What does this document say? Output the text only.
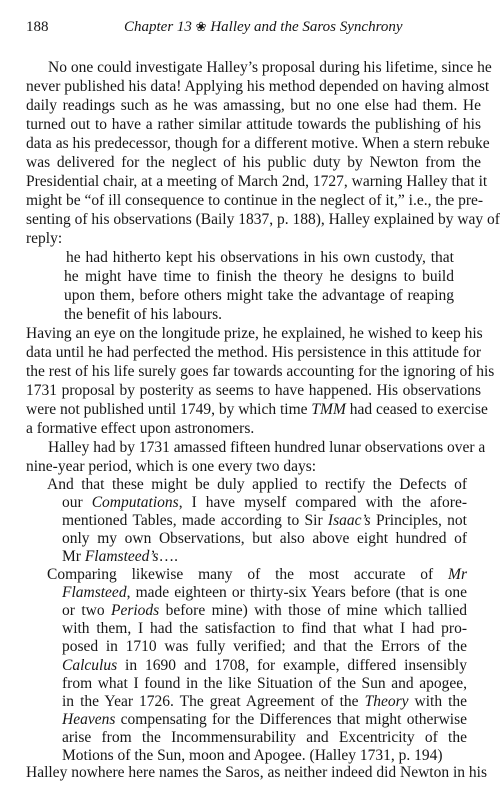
188	Chapter 13 ❀ Halley and the Saros Synchrony
No one could investigate Halley’s proposal during his lifetime, since he
never published his data! Applying his method depended on having almost
daily readings such as he was amassing, but no one else had them. He
turned out to have a rather similar attitude towards the publishing of his
data as his predecessor, though for a different motive. When a stern rebuke
was delivered for the neglect of his public duty by Newton from the
Presidential chair, at a meeting of March 2nd, 1727, warning Halley that it
might be “of ill consequence to continue in the neglect of it,” i.e., the pre-
senting of his observations (Baily 1837, p. 188), Halley explained by way of
reply:
he had hitherto kept his observations in his own custody, that
he might have time to finish the theory he designs to build
upon them, before others might take the advantage of reaping
the benefit of his labours.
Having an eye on the longitude prize, he explained, he wished to keep his
data until he had perfected the method. His persistence in this attitude for
the rest of his life surely goes far towards accounting for the ignoring of his
1731 proposal by posterity as seems to have happened. His observations
were not published until 1749, by which time TMM had ceased to exercise
a formative effect upon astronomers.
Halley had by 1731 amassed fifteen hundred lunar observations over a
nine-year period, which is one every two days:
And that these might be duly applied to rectify the Defects of
our Computations, I have myself compared with the afore-
mentioned Tables, made according to Sir Isaac’s Principles, not
only my own Observations, but also above eight hundred of
Mr Flamsteed’s….
Comparing likewise many of the most accurate of Mr
Flamsteed, made eighteen or thirty-six Years before (that is one
or two Periods before mine) with those of mine which tallied
with them, I had the satisfaction to find that what I had pro-
posed in 1710 was fully verified; and that the Errors of the
Calculus in 1690 and 1708, for example, differed insensibly
from what I found in the like Situation of the Sun and apogee,
in the Year 1726. The great Agreement of the Theory with the
Heavens compensating for the Differences that might otherwise
arise from the Incommensurability and Excentricity of the
Motions of the Sun, moon and Apogee. (Halley 1731, p. 194)
Halley nowhere here names the Saros, as neither indeed did Newton in his
